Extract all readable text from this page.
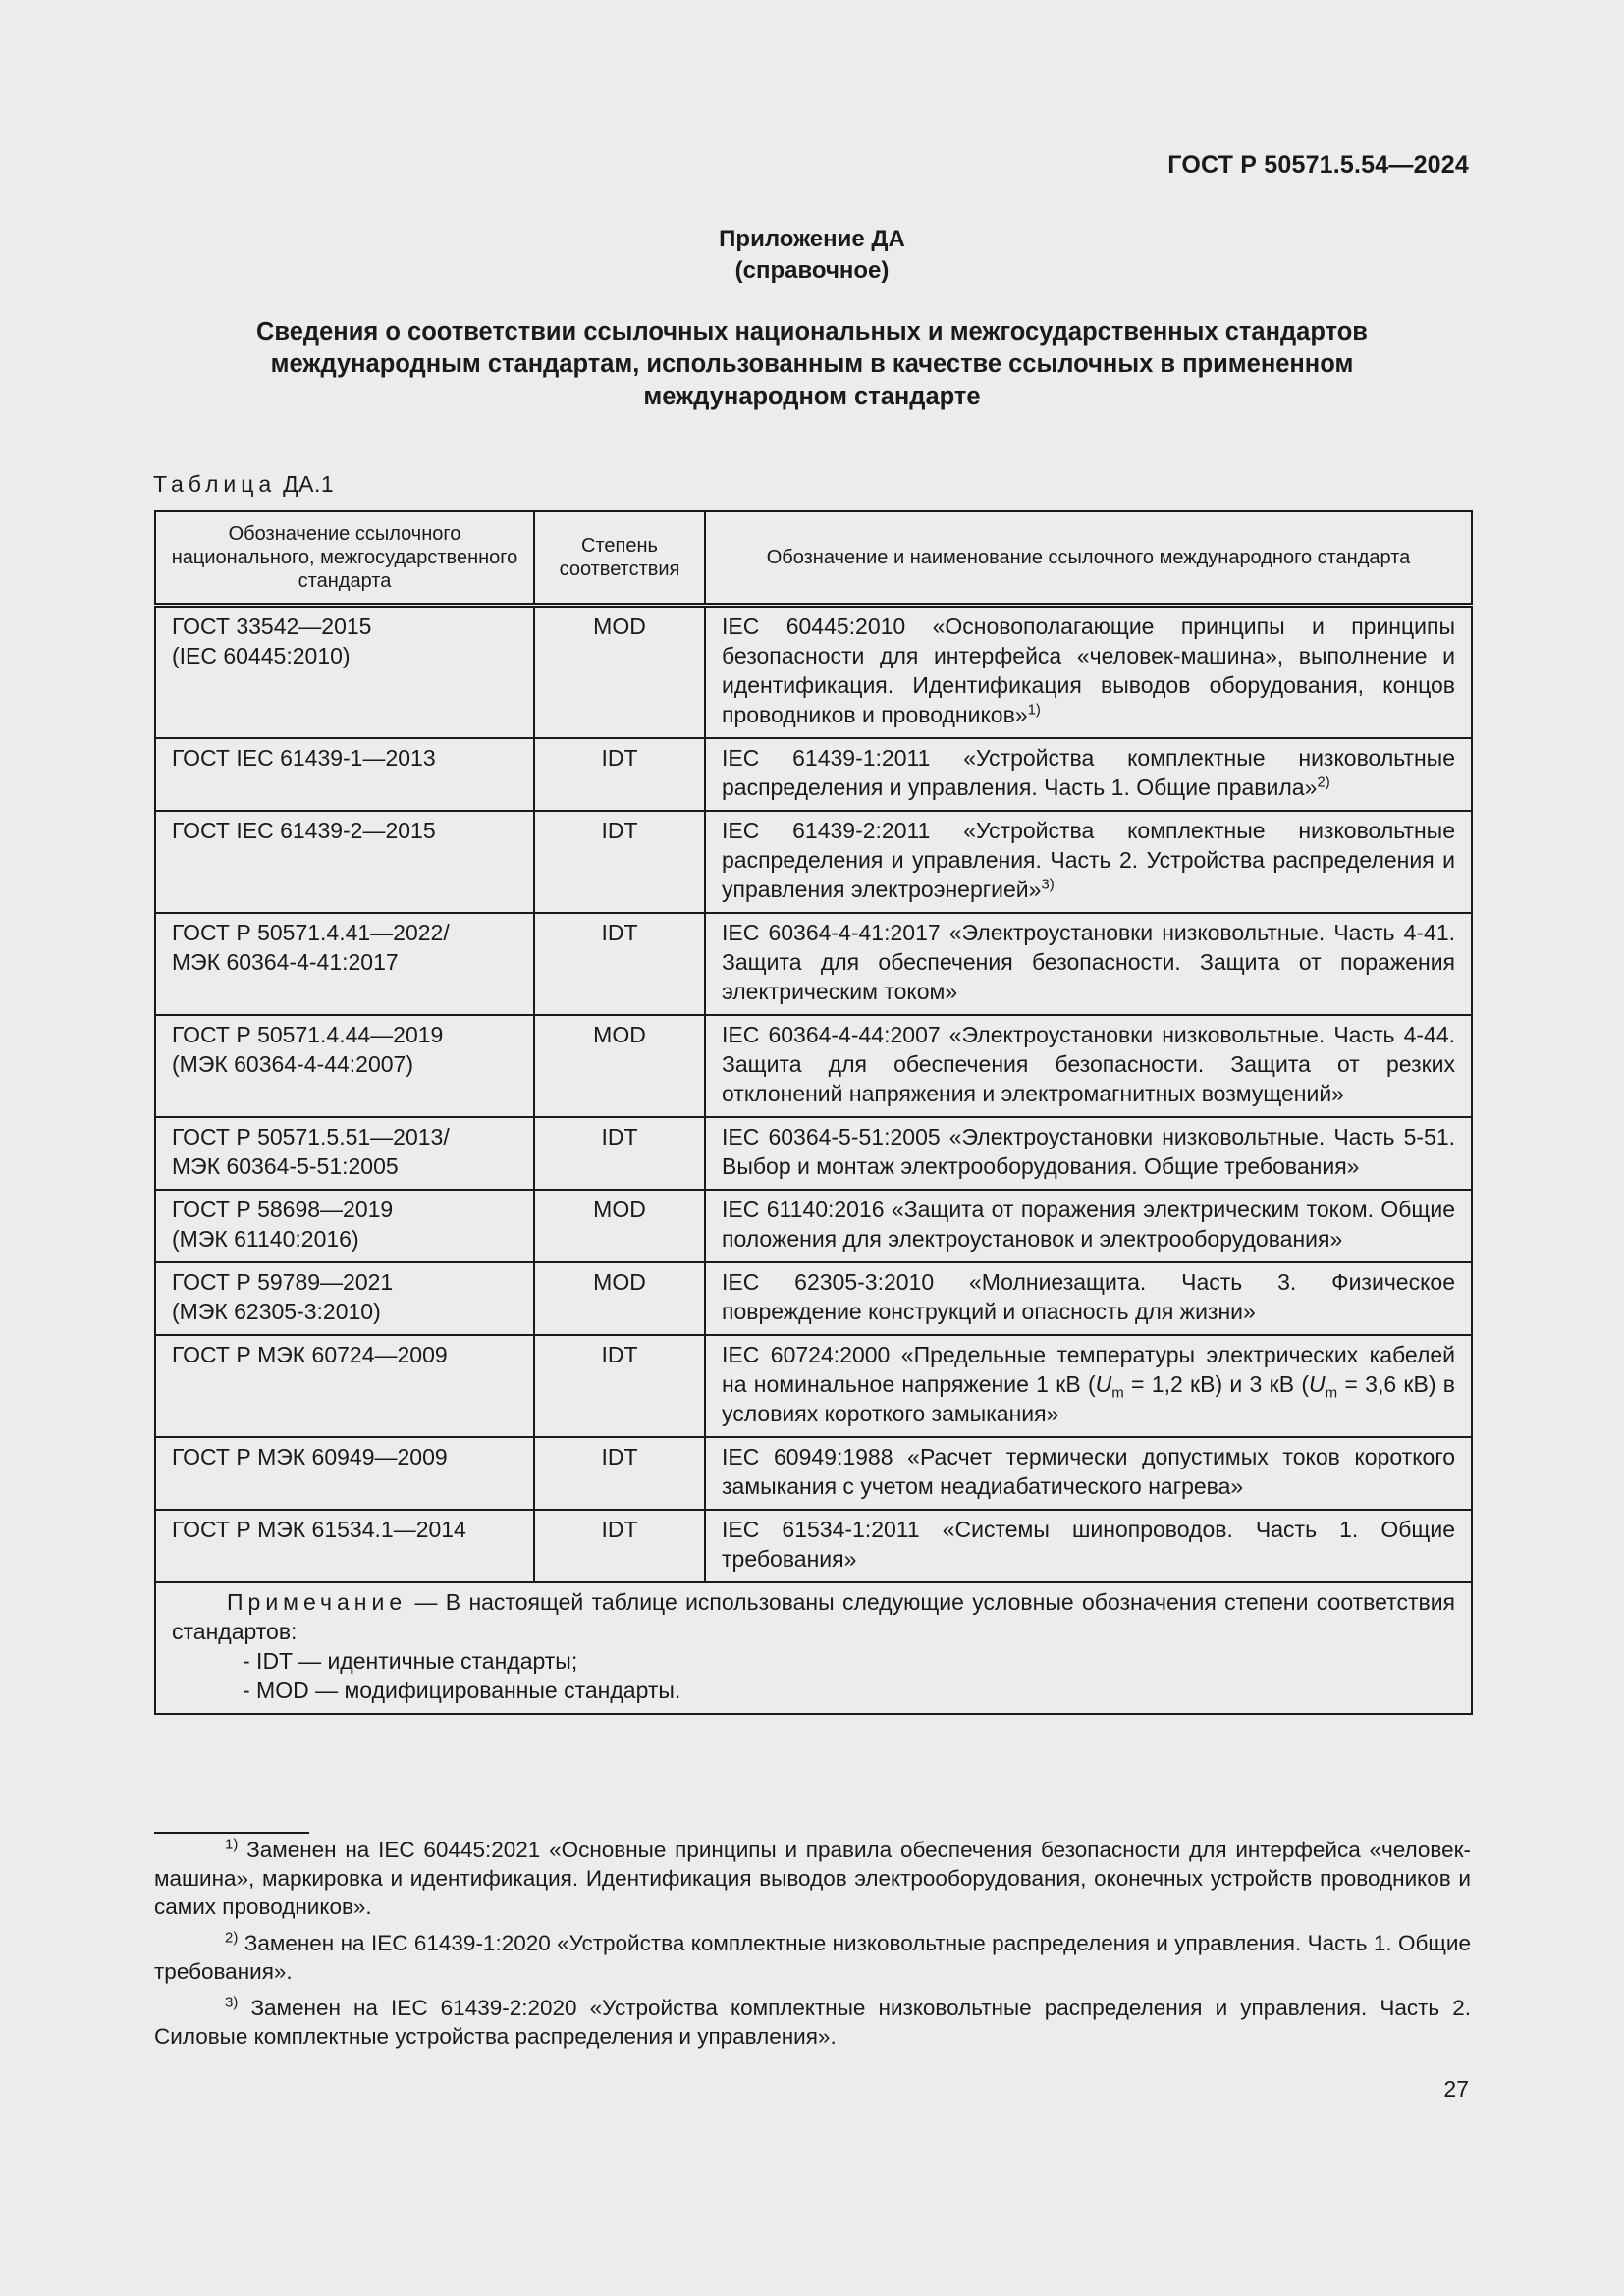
ГОСТ Р 50571.5.54—2024
Приложение ДА
(справочное)
Сведения о соответствии ссылочных национальных и межгосударственных стандартов
международным стандартам, использованным в качестве ссылочных в примененном
международном стандарте
Таблица ДА.1
Обозначение ссылочного национального, межгосударственного стандарта	Степень соответствия	Обозначение и наименование ссылочного международного стандарта

ГОСТ 33542—2015
(IEC 60445:2010)	MOD	IEC 60445:2010 «Основополагающие принципы и принципы безопасности для интерфейса «человек-машина», выполнение и идентификация. Идентификация выводов оборудования, концов проводников и проводников»$^{1)}$

ГОСТ IEC 61439-1—2013	IDT	IEC 61439-1:2011 «Устройства комплектные низковольтные распределения и управления. Часть 1. Общие правила»$^{2)}$

ГОСТ IEC 61439-2—2015	IDT	IEC 61439-2:2011 «Устройства комплектные низковольтные распределения и управления. Часть 2. Устройства распределения и управления электроэнергией»$^{3)}$

ГОСТ Р 50571.4.41—2022/
МЭК 60364-4-41:2017	IDT	IEC 60364-4-41:2017 «Электроустановки низковольтные. Часть 4-41. Защита для обеспечения безопасности. Защита от поражения электрическим током»

ГОСТ Р 50571.4.44—2019
(МЭК 60364-4-44:2007)	MOD	IEC 60364-4-44:2007 «Электроустановки низковольтные. Часть 4-44. Защита для обеспечения безопасности. Защита от резких отклонений напряжения и электромагнитных возмущений»

ГОСТ Р 50571.5.51—2013/
МЭК 60364-5-51:2005	IDT	IEC 60364-5-51:2005 «Электроустановки низковольтные. Часть 5-51. Выбор и монтаж электрооборудования. Общие требования»

ГОСТ Р 58698—2019
(МЭК 61140:2016)	MOD	IEC 61140:2016 «Защита от поражения электрическим током. Общие положения для электроустановок и электрооборудования»

ГОСТ Р 59789—2021
(МЭК 62305-3:2010)	MOD	IEC 62305-3:2010 «Молниезащита. Часть 3. Физическое повреждение конструкций и опасность для жизни»

ГОСТ Р МЭК 60724—2009	IDT	IEC 60724:2000 «Предельные температуры электрических кабелей на номинальное напряжение 1 кВ ($U_m = 1,2$ кВ) и 3 кВ ($U_m = 3,6$ кВ) в условиях короткого замыкания»

ГОСТ Р МЭК 60949—2009	IDT	IEC 60949:1988 «Расчет термически допустимых токов короткого замыкания с учетом неадиабатического нагрева»

ГОСТ Р МЭК 61534.1—2014	IDT	IEC 61534-1:2011 «Системы шинопроводов. Часть 1. Общие требования»

Примечание — В настоящей таблице использованы следующие условные обозначения степени соответствия стандартов:
- IDT — идентичные стандарты;
- MOD — модифицированные стандарты.		
$^{1)}$ Заменен на IEC 60445:2021 «Основные принципы и правила обеспечения безопасности для интерфейса «человек-машина», маркировка и идентификация. Идентификация выводов электрооборудования, оконечных устройств проводников и самих проводников».
$^{2)}$ Заменен на IEC 61439-1:2020 «Устройства комплектные низковольтные распределения и управления. Часть 1. Общие требования».
$^{3)}$ Заменен на IEC 61439-2:2020 «Устройства комплектные низковольтные распределения и управления. Часть 2. Силовые комплектные устройства распределения и управления».
27
